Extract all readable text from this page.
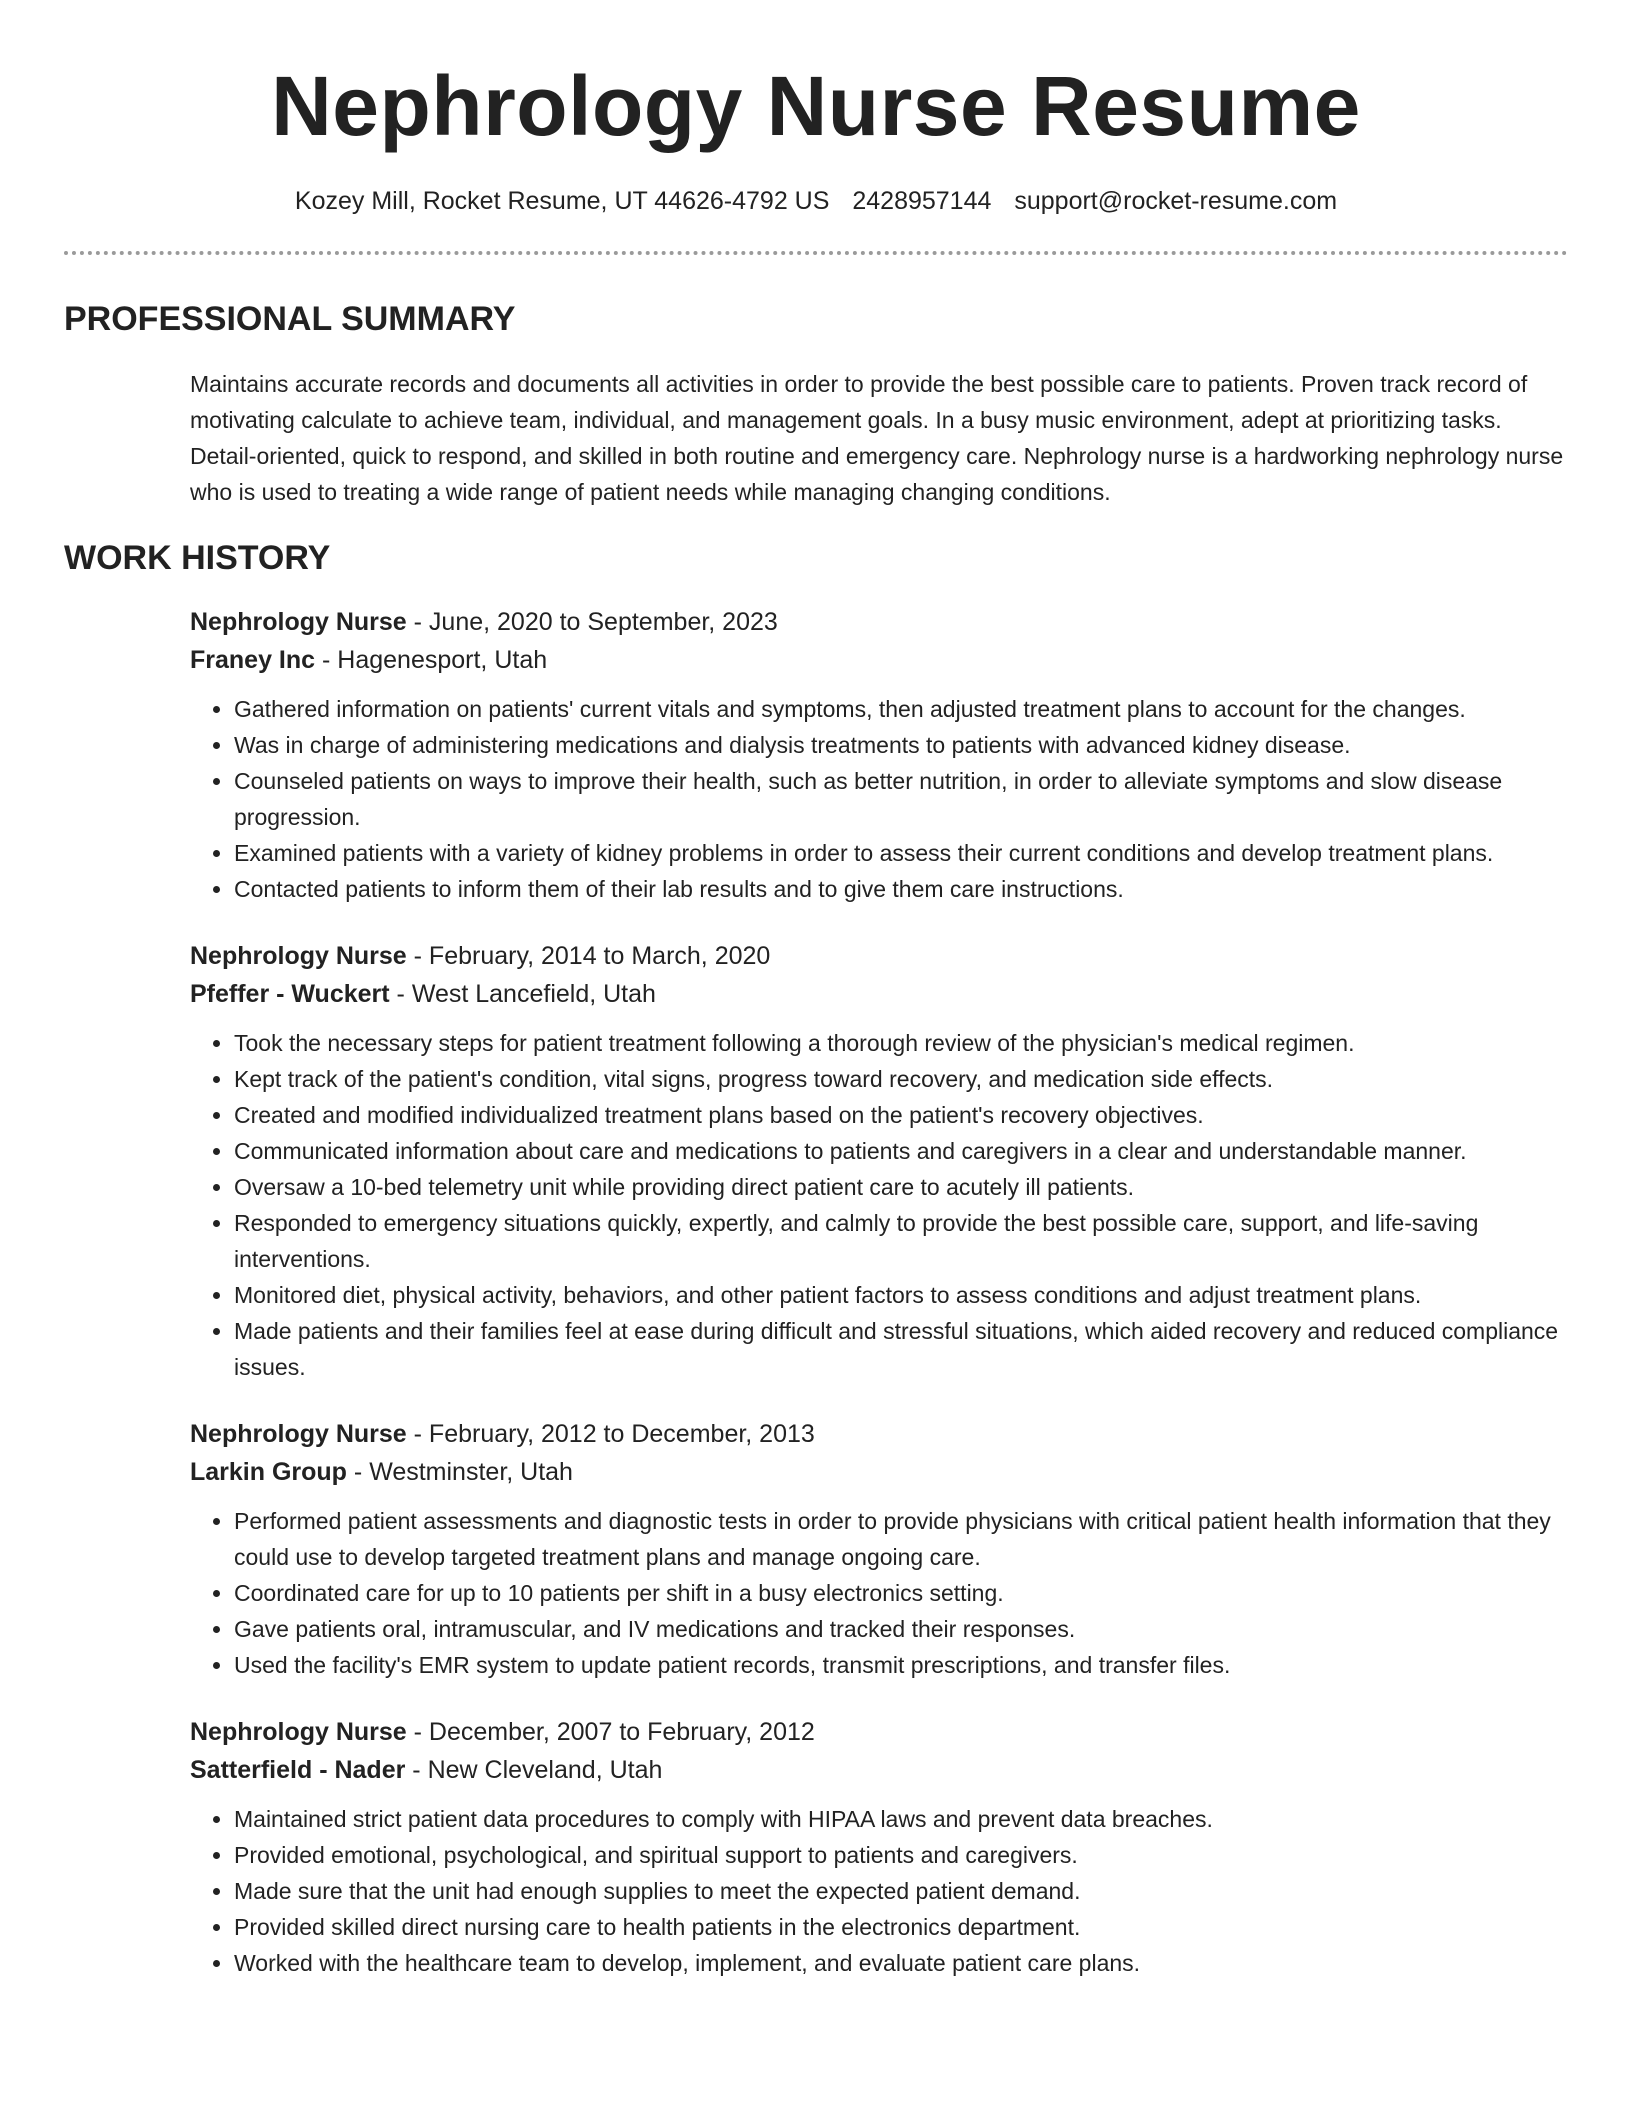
Nephrology Nurse Resume
Kozey Mill, Rocket Resume, UT 44626-4792 US 2428957144 support@rocket-resume.com
PROFESSIONAL SUMMARY

Maintains accurate records and documents all activities in order to provide the best possible care to patients. Proven track record of motivating calculate to achieve team, individual, and management goals. In a busy music environment, adept at prioritizing tasks. Detail-oriented, quick to respond, and skilled in both routine and emergency care. Nephrology nurse is a hardworking nephrology nurse who is used to treating a wide range of patient needs while managing changing conditions.

WORK HISTORY
Nephrology Nurse - June, 2020 to September, 2023
Franey Inc - Hagenesport, Utah
• Gathered information on patients' current vitals and symptoms, then adjusted treatment plans to account for the changes.
• Was in charge of administering medications and dialysis treatments to patients with advanced kidney disease.
• Counseled patients on ways to improve their health, such as better nutrition, in order to alleviate symptoms and slow disease progression.
• Examined patients with a variety of kidney problems in order to assess their current conditions and develop treatment plans.
• Contacted patients to inform them of their lab results and to give them care instructions.
Nephrology Nurse - February, 2014 to March, 2020
Pfeffer - Wuckert - West Lancefield, Utah
• Took the necessary steps for patient treatment following a thorough review of the physician's medical regimen.
• Kept track of the patient's condition, vital signs, progress toward recovery, and medication side effects.
• Created and modified individualized treatment plans based on the patient's recovery objectives.
• Communicated information about care and medications to patients and caregivers in a clear and understandable manner.
• Oversaw a 10-bed telemetry unit while providing direct patient care to acutely ill patients.
• Responded to emergency situations quickly, expertly, and calmly to provide the best possible care, support, and life-saving interventions.
• Monitored diet, physical activity, behaviors, and other patient factors to assess conditions and adjust treatment plans.
• Made patients and their families feel at ease during difficult and stressful situations, which aided recovery and reduced compliance issues.
Nephrology Nurse - February, 2012 to December, 2013
Larkin Group - Westminster, Utah
• Performed patient assessments and diagnostic tests in order to provide physicians with critical patient health information that they could use to develop targeted treatment plans and manage ongoing care.
• Coordinated care for up to 10 patients per shift in a busy electronics setting.
• Gave patients oral, intramuscular, and IV medications and tracked their responses.
• Used the facility's EMR system to update patient records, transmit prescriptions, and transfer files.
Nephrology Nurse - December, 2007 to February, 2012
Satterfield - Nader - New Cleveland, Utah
• Maintained strict patient data procedures to comply with HIPAA laws and prevent data breaches.
• Provided emotional, psychological, and spiritual support to patients and caregivers.
• Made sure that the unit had enough supplies to meet the expected patient demand.
• Provided skilled direct nursing care to health patients in the electronics department.
• Worked with the healthcare team to develop, implement, and evaluate patient care plans.
